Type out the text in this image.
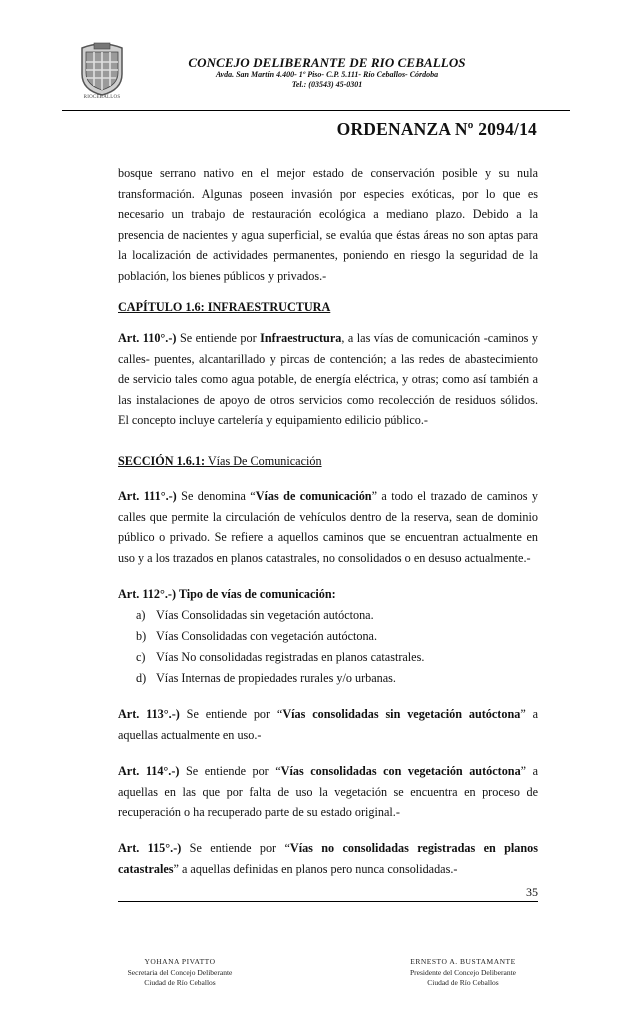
RIOCEBALLOS
CONCEJO DELIBERANTE DE RIO CEBALLOS
Avda. San Martín 4.400- 1º Piso- C.P. 5.111- Río Ceballos- Córdoba
Tel.: (03543) 45-0301
ORDENANZA Nº 2094/14
bosque serrano nativo en el mejor estado de conservación posible y su nula
transformación. Algunas poseen invasión por especies exóticas, por lo que es
necesario un trabajo de restauración ecológica a mediano plazo. Debido a la
presencia de nacientes y agua superficial, se evalúa que éstas áreas no son aptas para
la localización de actividades permanentes, poniendo en riesgo la seguridad de la
población, los bienes públicos y privados.-
CAPÍTULO 1.6: INFRAESTRUCTURA
Art. 110°.-) Se entiende por Infraestructura, a las vías de comunicación -caminos y
calles- puentes, alcantarillado y pircas de contención; a las redes de abastecimiento
de servicio tales como agua potable, de energía eléctrica, y otras; como así también a
las instalaciones de apoyo de otros servicios como recolección de residuos sólidos.
El concepto incluye cartelería y equipamiento edilicio público.-
SECCIÓN 1.6.1: Vías De Comunicación
Art. 111°.-) Se denomina “Vías de comunicación” a todo el trazado de caminos y
calles que permite la circulación de vehículos dentro de la reserva, sean de dominio
público o privado. Se refiere a aquellos caminos que se encuentran actualmente en
uso y a los trazados en planos catastrales, no consolidados o en desuso actualmente.-
Art. 112°.-) Tipo de vías de comunicación:
a) Vías Consolidadas sin vegetación autóctona.
b) Vías Consolidadas con vegetación autóctona.
c) Vías No consolidadas registradas en planos catastrales.
d) Vías Internas de propiedades rurales y/o urbanas.
Art. 113°.-) Se entiende por “Vías consolidadas sin vegetación autóctona” a
aquellas actualmente en uso.-
Art. 114°.-) Se entiende por “Vías consolidadas con vegetación autóctona” a
aquellas en las que por falta de uso la vegetación se encuentra en proceso de
recuperación o ha recuperado parte de su estado original.-
Art. 115°.-) Se entiende por “Vías no consolidadas registradas en planos
catastrales” a aquellas definidas en planos pero nunca consolidadas.-
35
YOHANA PIVATTO
Secretaria del Concejo Deliberante
Ciudad de Río Ceballos
ERNESTO A. BUSTAMANTE
Presidente del Concejo Deliberante
Ciudad de Río Ceballos
